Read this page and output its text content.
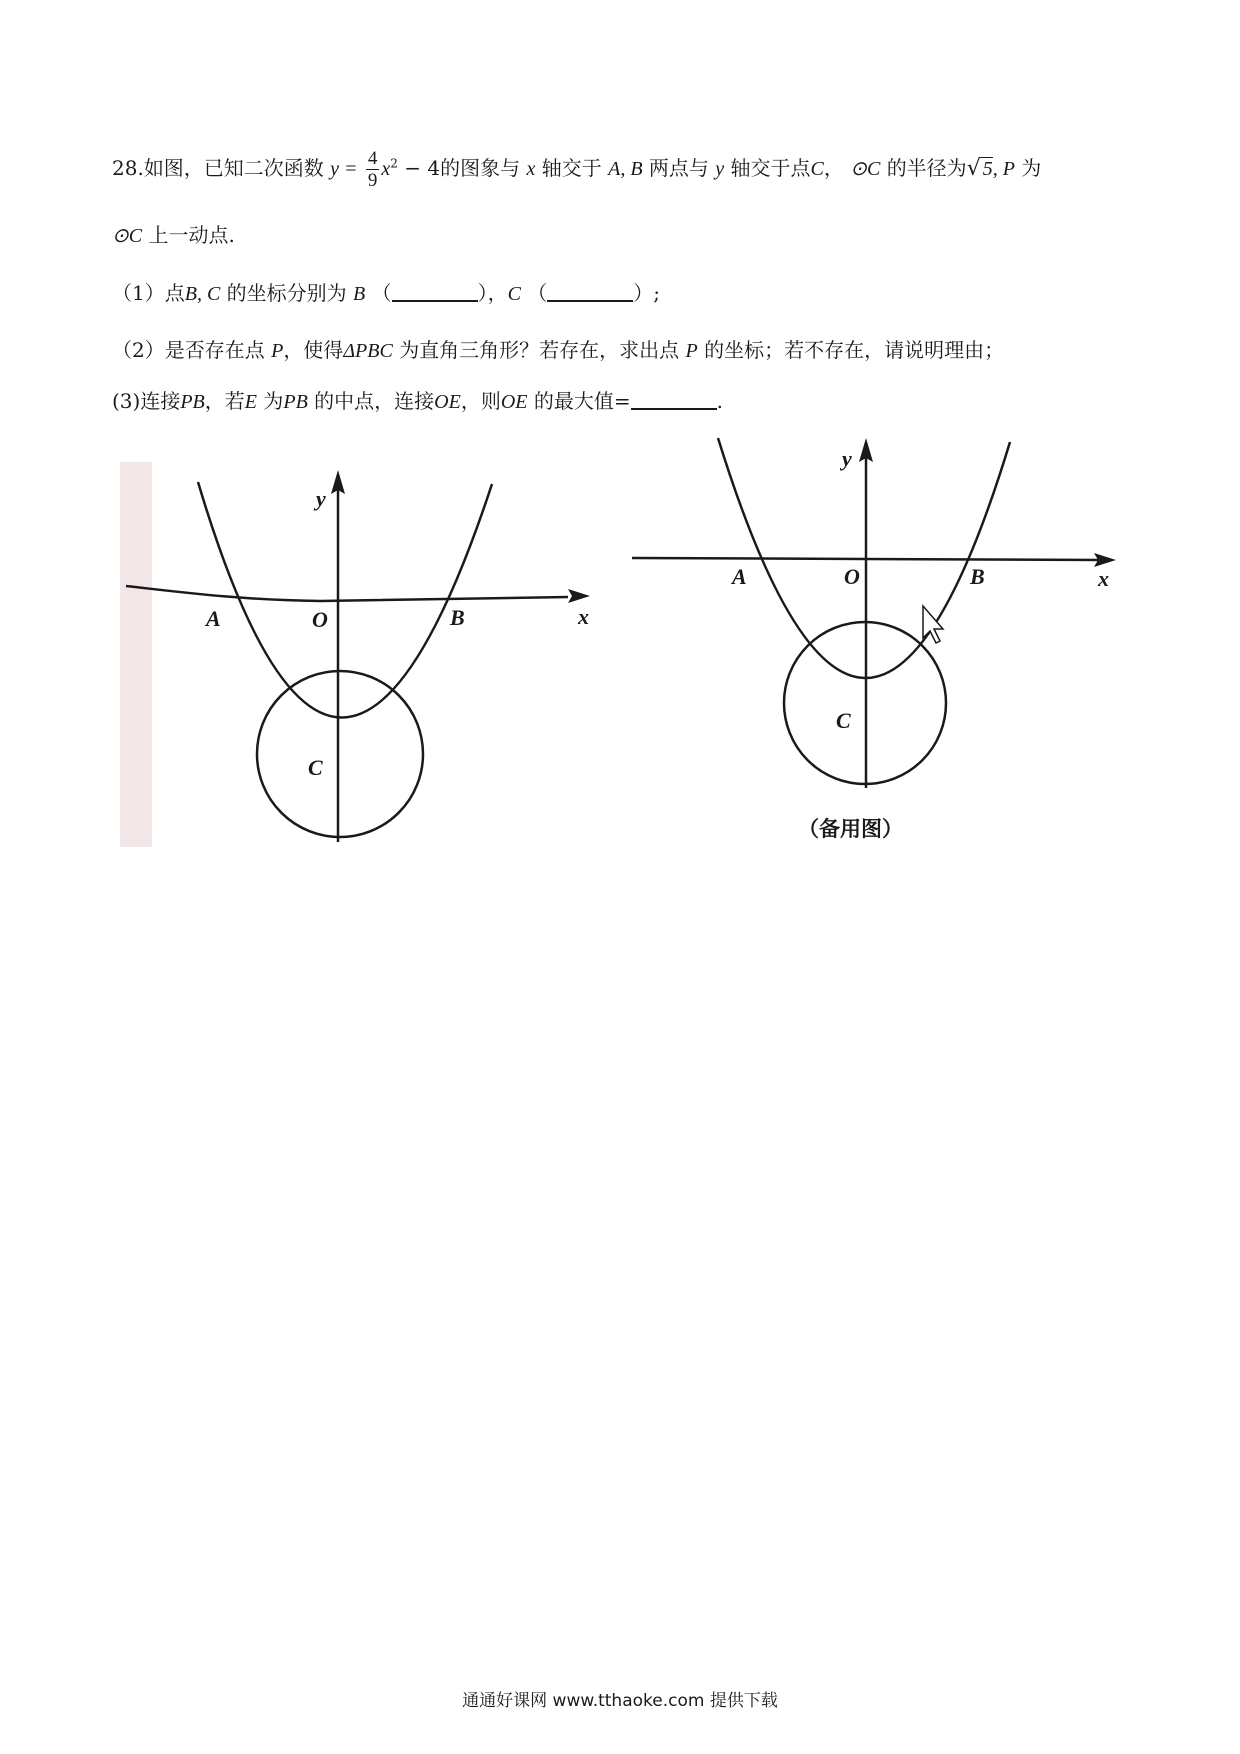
28.如图，已知二次函数 $y = \frac{4}{9} x^2 - 4$的图象与 x 轴交于 A, B 两点与 y 轴交于点C， ⊙C 的半径为√ 5, P 为
⊙C 上一动点.
（1）点B, C 的坐标分别为 B （	），C （	）;
（2）是否存在点 P，使得ΔPBC 为直角三角形？若存在，求出点 P 的坐标；若不存在，请说明理由；
(3)连接PB，若E 为PB 的中点，连接OE，则OE 的最大值=	.
y
x
O
A	B
C
y
x
O
A	B
C
（备用图）
通通好课网 www.tthaoke.com 提供下载
